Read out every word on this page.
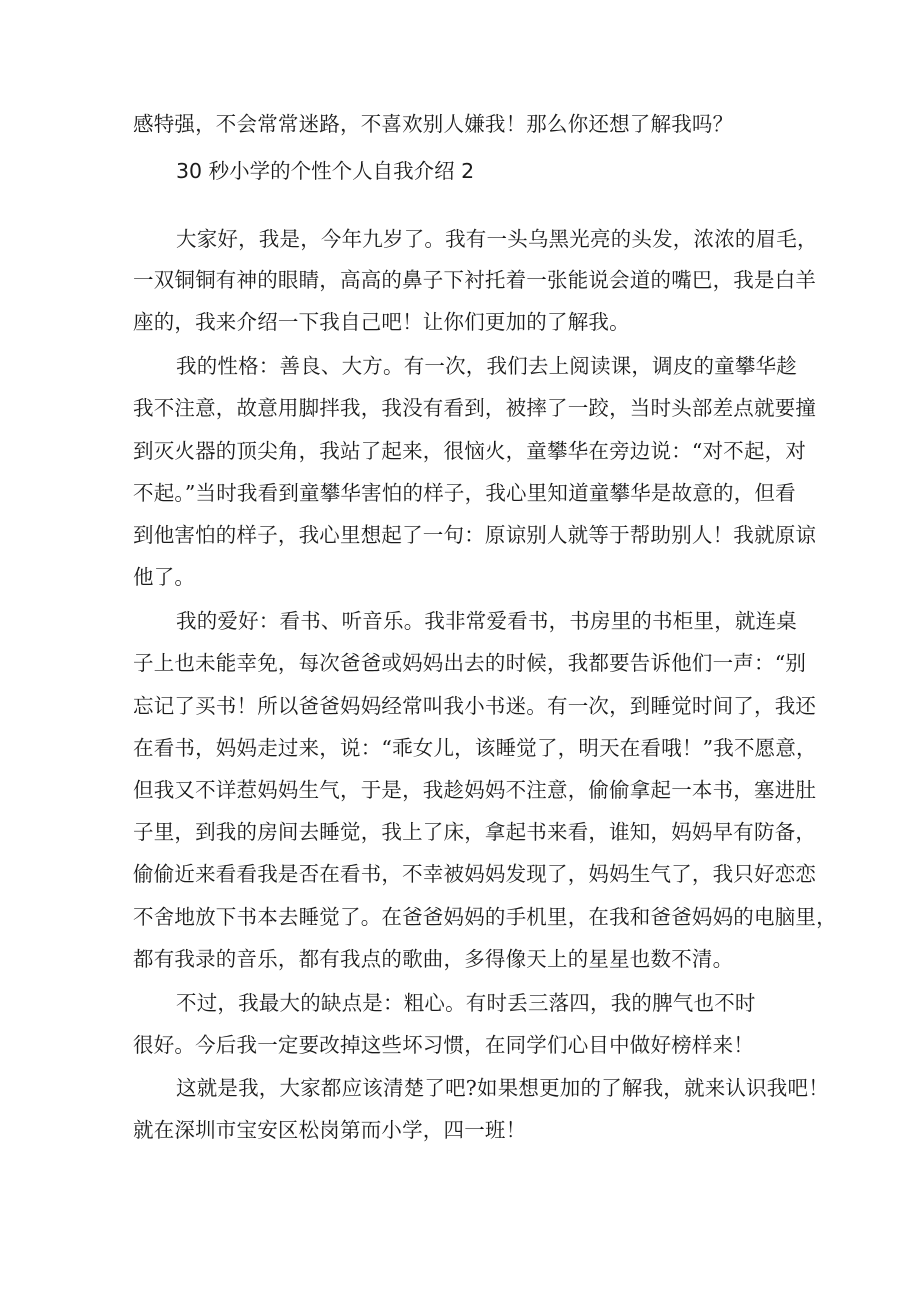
感特强，不会常常迷路，不喜欢别人嫌我！那么你还想了解我吗？
30 秒小学的个性个人自我介绍 2
大家好，我是，今年九岁了。我有一头乌黑光亮的头发，浓浓的眉毛，
一双铜铜有神的眼睛，高高的鼻子下衬托着一张能说会道的嘴巴，我是白羊
座的，我来介绍一下我自己吧！让你们更加的了解我。
我的性格：善良、大方。有一次，我们去上阅读课，调皮的童攀华趁
我不注意，故意用脚拌我，我没有看到，被摔了一跤，当时头部差点就要撞
到灭火器的顶尖角，我站了起来，很恼火，童攀华在旁边说：“对不起，对
不起。”当时我看到童攀华害怕的样子，我心里知道童攀华是故意的，但看
到他害怕的样子，我心里想起了一句：原谅别人就等于帮助别人！我就原谅
他了。
我的爱好：看书、听音乐。我非常爱看书，书房里的书柜里，就连桌
子上也未能幸免，每次爸爸或妈妈出去的时候，我都要告诉他们一声：“别
忘记了买书！所以爸爸妈妈经常叫我小书迷。有一次，到睡觉时间了，我还
在看书，妈妈走过来，说：“乖女儿，该睡觉了，明天在看哦！”我不愿意，
但我又不详惹妈妈生气，于是，我趁妈妈不注意，偷偷拿起一本书，塞进肚
子里，到我的房间去睡觉，我上了床，拿起书来看，谁知，妈妈早有防备，
偷偷近来看看我是否在看书，不幸被妈妈发现了，妈妈生气了，我只好恋恋
不舍地放下书本去睡觉了。在爸爸妈妈的手机里，在我和爸爸妈妈的电脑里，
都有我录的音乐，都有我点的歌曲，多得像天上的星星也数不清。
不过，我最大的缺点是：粗心。有时丢三落四，我的脾气也不时
很好。今后我一定要改掉这些坏习惯，在同学们心目中做好榜样来！
这就是我，大家都应该清楚了吧?如果想更加的了解我，就来认识我吧！
就在深圳市宝安区松岗第而小学，四一班！
